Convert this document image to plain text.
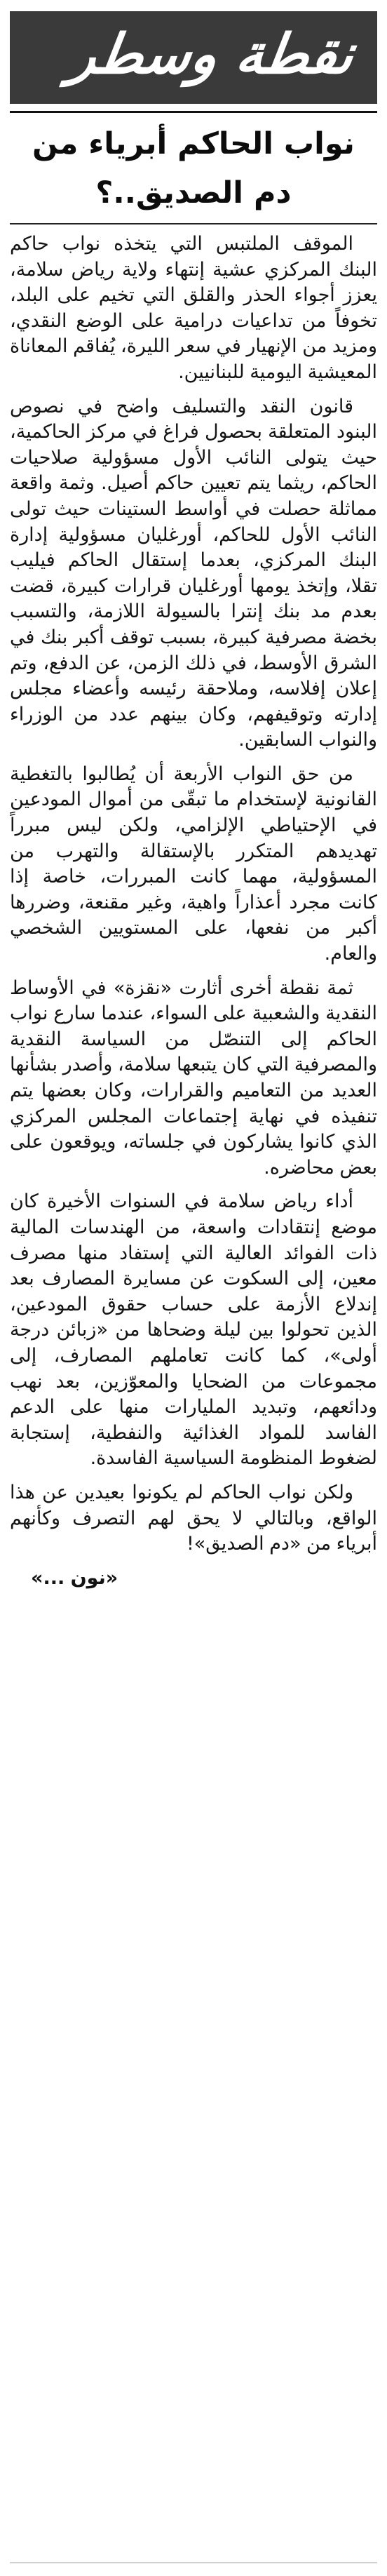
نقطة وسطر
نواب الحاكم أبرياء من دم الصديق..؟

الموقف الملتبس التي يتخذه نواب حاكم البنك المركزي عشية إنتهاء ولاية رياض سلامة، يعزز أجواء الحذر والقلق التي تخيم على البلد، تخوفاً من تداعيات درامية على الوضع النقدي، ومزيد من الإنهيار في سعر الليرة، يُفاقم المعاناة المعيشية اليومية للبنانيين.

قانون النقد والتسليف واضح في نصوص البنود المتعلقة بحصول فراغ في مركز الحاكمية، حيث يتولى النائب الأول مسؤولية صلاحيات الحاكم، ريثما يتم تعيين حاكم أصيل. وثمة واقعة مماثلة حصلت في أواسط الستينات حيث تولى النائب الأول للحاكم، أورغليان مسؤولية إدارة البنك المركزي، بعدما إستقال الحاكم فيليب تقلا، وإتخذ يومها أورغليان قرارات كبيرة، قضت بعدم مد بنك إنترا بالسيولة اللازمة، والتسبب بخضة مصرفية كبيرة، بسبب توقف أكبر بنك في الشرق الأوسط، في ذلك الزمن، عن الدفع، وتم إعلان إفلاسه، وملاحقة رئيسه وأعضاء مجلس إدارته وتوقيفهم، وكان بينهم عدد من الوزراء والنواب السابقين.

من حق النواب الأربعة أن يُطالبوا بالتغطية القانونية لإستخدام ما تبقّى من أموال المودعين في الإحتياطي الإلزامي، ولكن ليس مبرراً تهديدهم المتكرر بالإستقالة والتهرب من المسؤولية، مهما كانت المبررات، خاصة إذا كانت مجرد أعذاراً واهية، وغير مقنعة، وضررها أكبر من نفعها، على المستويين الشخصي والعام.

ثمة نقطة أخرى أثارت «نقزة» في الأوساط النقدية والشعبية على السواء، عندما سارع نواب الحاكم إلى التنصّل من السياسة النقدية والمصرفية التي كان يتبعها سلامة، وأصدر بشأنها العديد من التعاميم والقرارات، وكان بعضها يتم تنفيذه في نهاية إجتماعات المجلس المركزي الذي كانوا يشاركون في جلساته، ويوقعون على بعض محاضره.

أداء رياض سلامة في السنوات الأخيرة كان موضع إنتقادات واسعة، من الهندسات المالية ذات الفوائد العالية التي إستفاد منها مصرف معين، إلى السكوت عن مسايرة المصارف بعد إندلاع الأزمة على حساب حقوق المودعين، الذين تحولوا بين ليلة وضحاها من «زبائن درجة أولى»، كما كانت تعاملهم المصارف، إلى مجموعات من الضحايا والمعوّزين، بعد نهب ودائعهم، وتبديد المليارات منها على الدعم الفاسد للمواد الغذائية والنفطية، إستجابة لضغوط المنظومة السياسية الفاسدة.

ولكن نواب الحاكم لم يكونوا بعيدين عن هذا الواقع، وبالتالي لا يحق لهم التصرف وكأنهم أبرياء من «دم الصديق»!

«نون ...»
